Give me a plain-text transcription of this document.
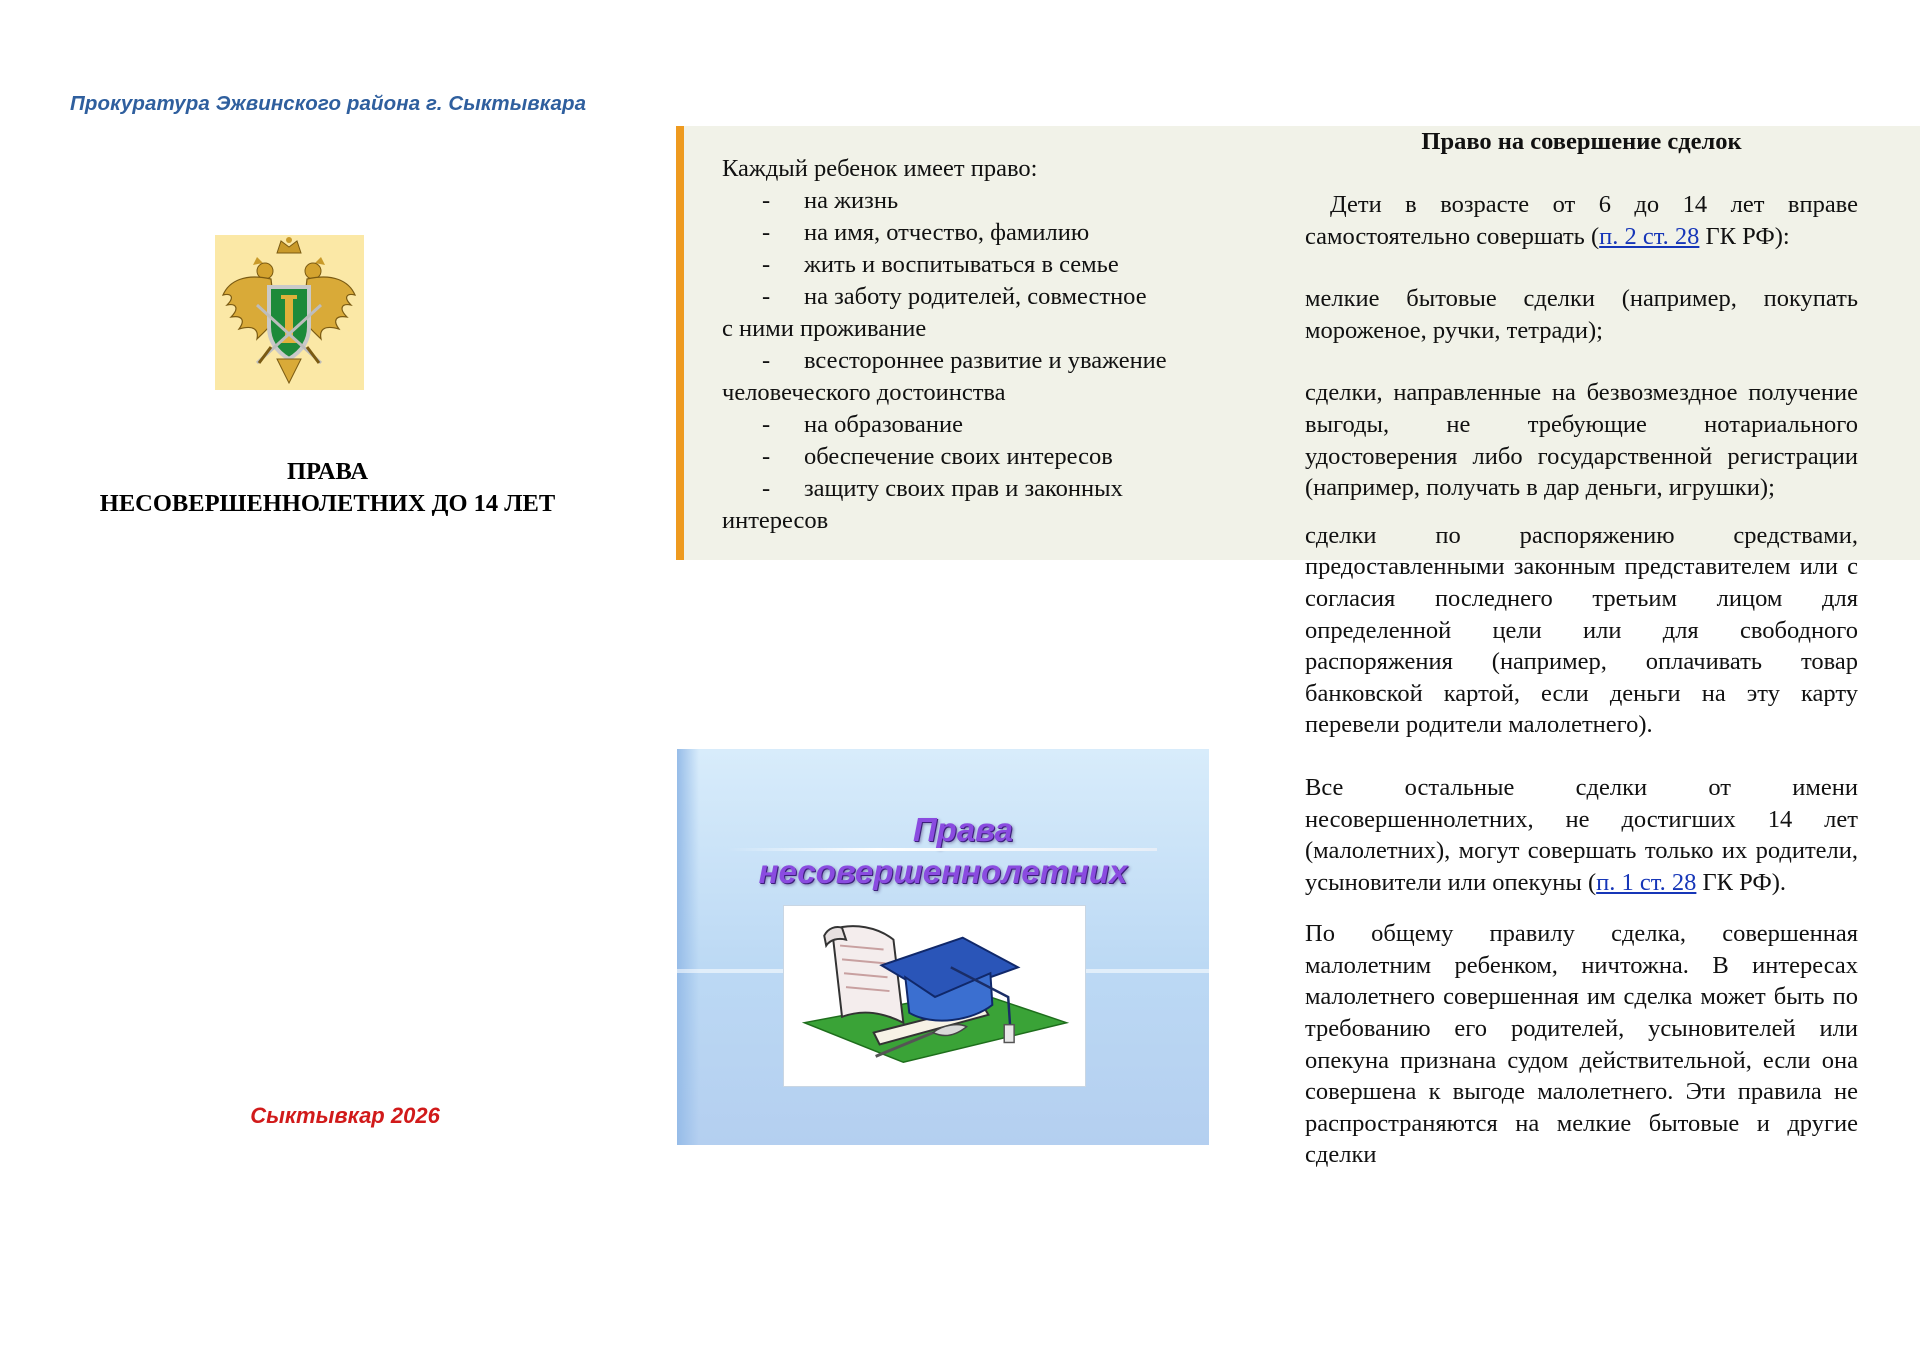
Прокуратура Эжвинского района г. Сыктывкара
ПРАВА
НЕСОВЕРШЕННОЛЕТНИХ ДО 14 ЛЕТ
Сыктывкар 2026
Каждый ребенок имеет право:
- на жизнь
- на имя, отчество, фамилию
- жить и воспитываться в семье
- на заботу родителей, совместное
с ними проживание
- всестороннее развитие и уважение
человеческого достоинства
- на образование
- обеспечение своих интересов
- защиту своих прав и законных
интересов
Права
несовершеннолетних
Право на совершение сделок

Дети в возрасте от 6 до 14 лет вправе самостоятельно совершать (п. 2 ст. 28 ГК РФ):

мелкие бытовые сделки (например, покупать мороженое, ручки, тетради);

сделки, направленные на безвозмездное получение выгоды, не требующие нотариального удостоверения либо государственной регистрации (например, получать в дар деньги, игрушки);

сделки по распоряжению средствами, предоставленными законным представителем или с согласия последнего третьим лицом для определенной цели или для свободного распоряжения (например, оплачивать товар банковской картой, если деньги на эту карту перевели родители малолетнего).

Все остальные сделки от имени несовершеннолетних, не достигших 14 лет (малолетних), могут совершать только их родители, усыновители или опекуны (п. 1 ст. 28 ГК РФ).

По общему правилу сделка, совершенная малолетним ребенком, ничтожна. В интересах малолетнего совершенная им сделка может быть по требованию его родителей, усыновителей или опекуна признана судом действительной, если она совершена к выгоде малолетнего. Эти правила не распространяются на мелкие бытовые и другие сделки
